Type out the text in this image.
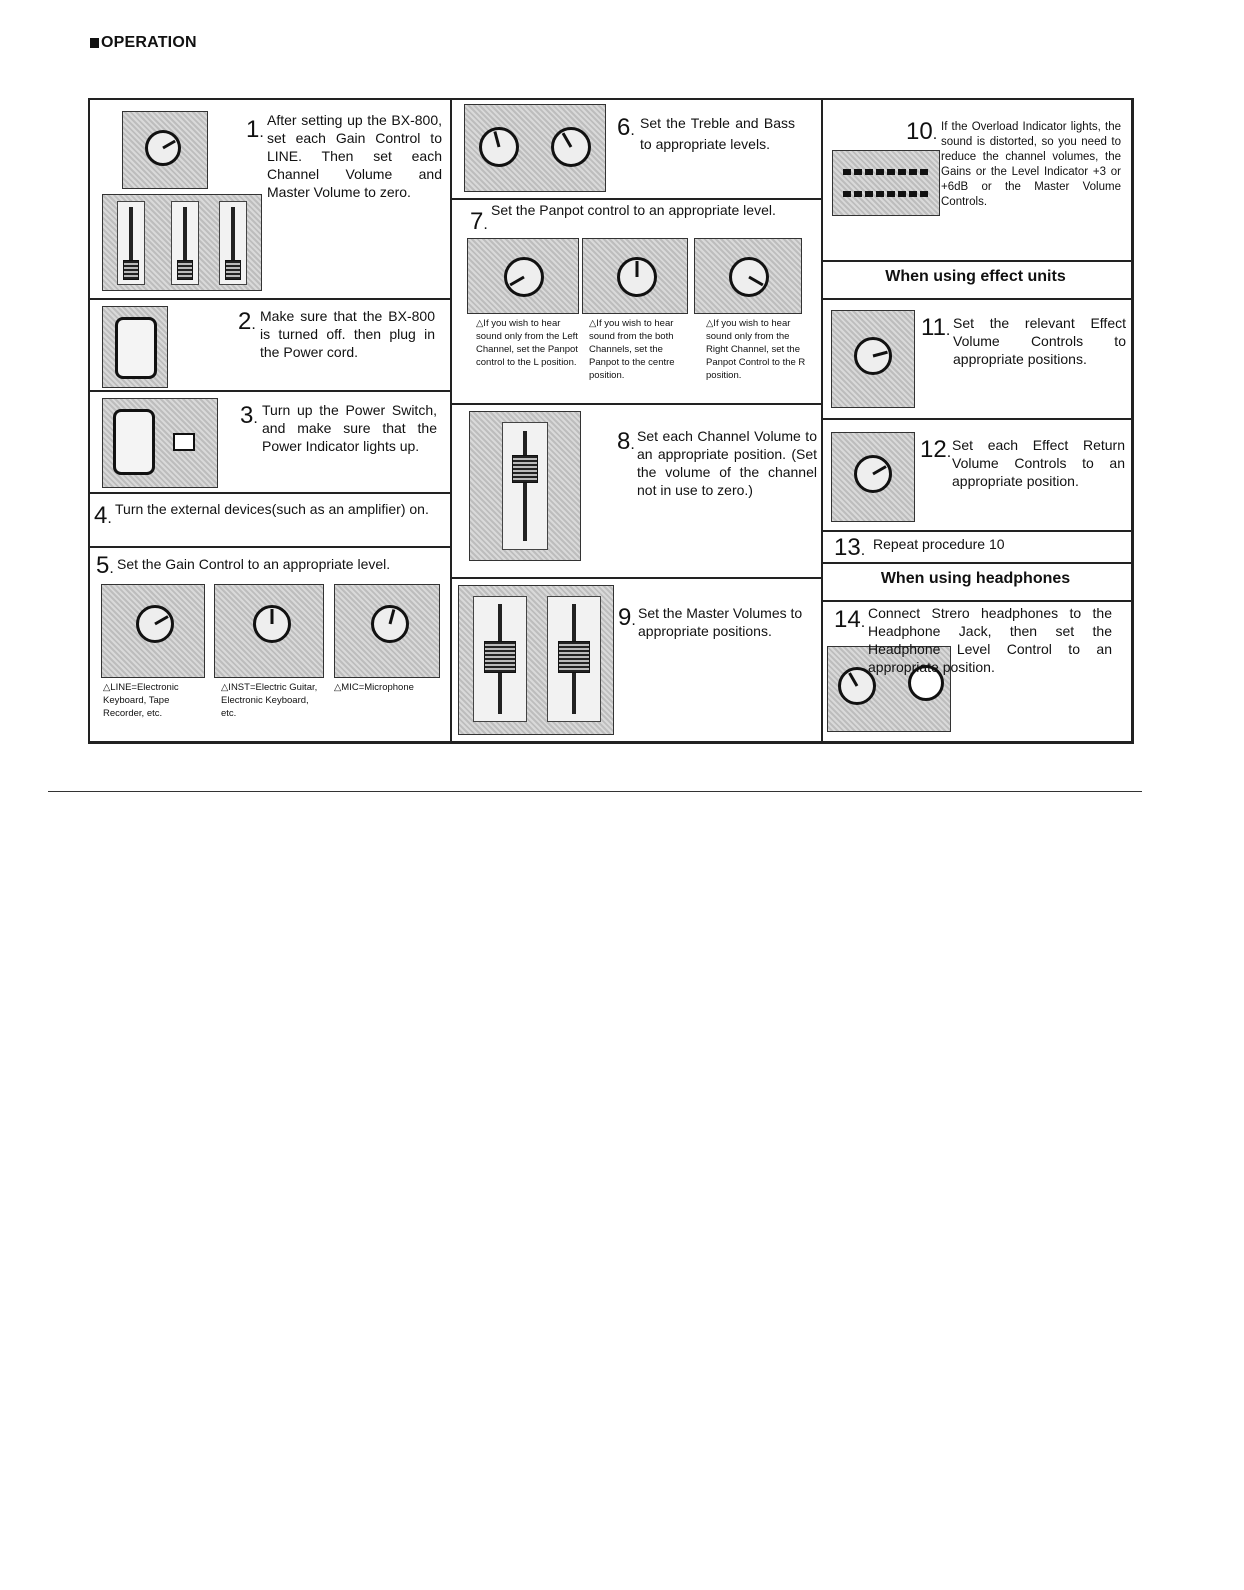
OPERATION
1 . After setting up the BX-800, set each Gain Control to LINE. Then set each Channel Volume and Master Volume to zero.
2 . Make sure that the BX-800 is turned off. then plug in the Power cord.
3 . Turn up the Power Switch, and make sure that the Power Indicator lights up.
4 . Turn the external devices(such as an amplifier) on.
5 . Set the Gain Control to an appropriate level.
△LINE=Electronic Keyboard, Tape Recorder, etc.
△INST=Electric Guitar, Electronic Keyboard, etc.
△MIC=Microphone
6 . Set the Treble and Bass to appropriate levels.
7 . Set the Panpot control to an appropriate level.
△If you wish to hear sound only from the Left Channel, set the Panpot control to the L position.
△If you wish to hear sound from the both Channels, set the Panpot to the centre position.
△If you wish to hear sound only from the Right Channel, set the Panpot Control to the R position.
8 . Set each Channel Volume to an appropriate position. (Set the volume of the channel not in use to zero.)
9 . Set the Master Volumes to appropriate positions.
10 . If the Overload Indicator lights, the sound is distorted, so you need to reduce the channel volumes, the Gains or the Level Indicator +3 or +6dB or the Master Volume Controls.
When using effect units
11 . Set the relevant Effect Volume Controls to appropriate positions.
12 . Set each Effect Return Volume Controls to an appropriate position.
13 . Repeat procedure 10
When using headphones
14 . Connect Strero headphones to the Headphone Jack, then set the Headphone Level Control to an appropriate position.
